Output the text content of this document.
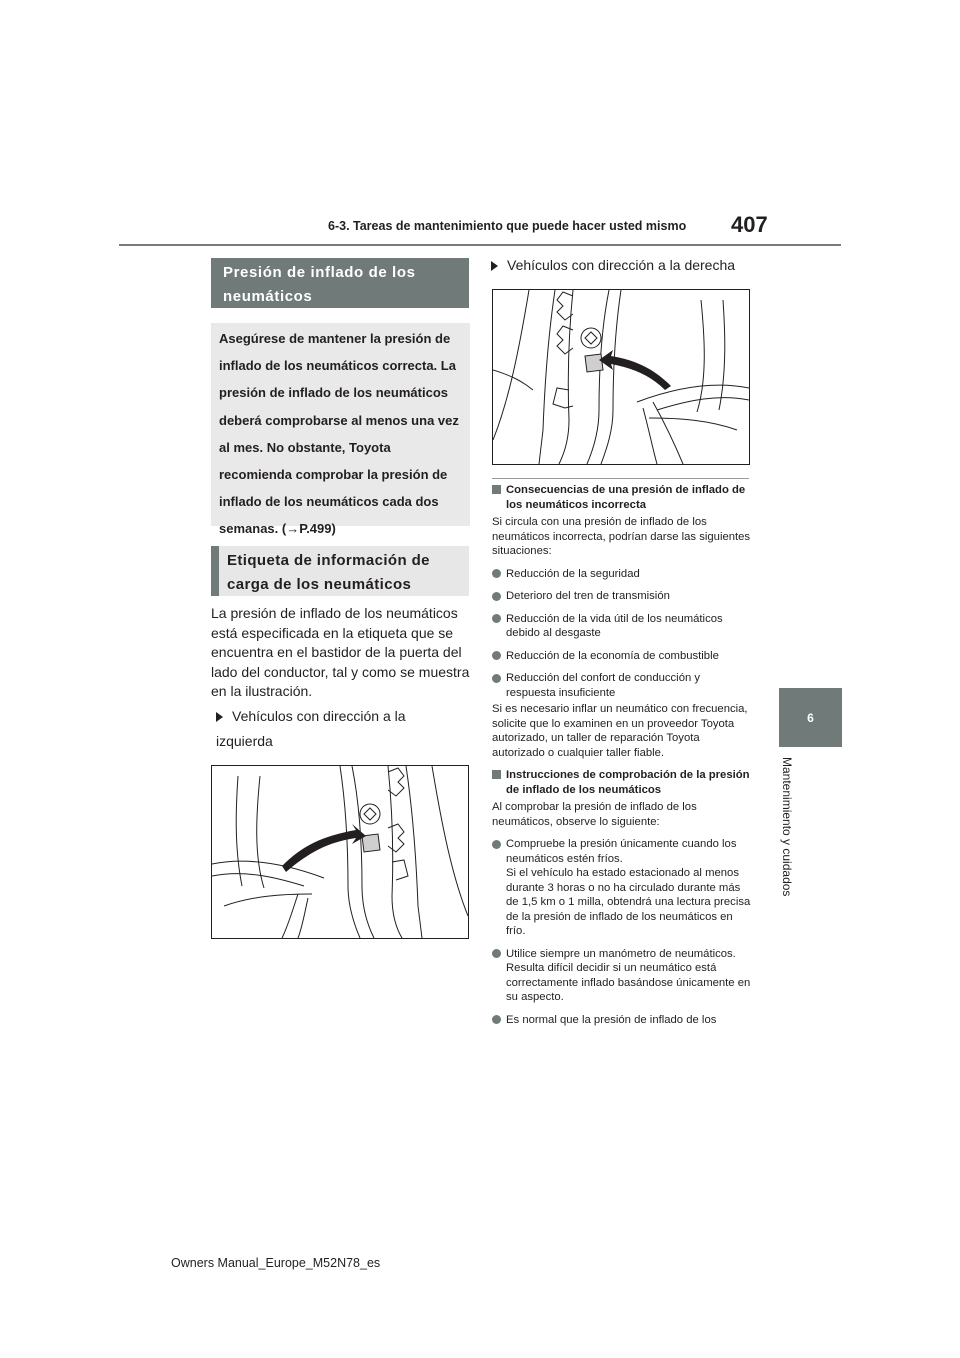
6-3. Tareas de mantenimiento que puede hacer usted mismo 407
6
Mantenimiento y cuidados
Presión de inflado de los neumáticos

Asegúrese de mantener la presión de inflado de los neumáticos correcta. La presión de inflado de los neumáticos deberá comprobarse al menos una vez al mes. No obstante, Toyota recomienda comprobar la presión de inflado de los neumáticos cada dos semanas. (→P.499)

Etiqueta de información de carga de los neumáticos

La presión de inflado de los neumáticos está especificada en la etiqueta que se encuentra en el bastidor de la puerta del lado del conductor, tal y como se muestra en la ilustración.

Vehículos con dirección a la izquierda
Vehículos con dirección a la derecha

Consecuencias de una presión de inflado de los neumáticos incorrecta

Si circula con una presión de inflado de los neumáticos incorrecta, podrían darse las siguientes situaciones:

Reducción de la seguridad

Deterioro del tren de transmisión

Reducción de la vida útil de los neumáticos debido al desgaste

Reducción de la economía de combustible

Reducción del confort de conducción y respuesta insuficiente

Si es necesario inflar un neumático con frecuencia, solicite que lo examinen en un proveedor Toyota autorizado, un taller de reparación Toyota autorizado o cualquier taller fiable.

Instrucciones de comprobación de la presión de inflado de los neumáticos

Al comprobar la presión de inflado de los neumáticos, observe lo siguiente:

Compruebe la presión únicamente cuando los neumáticos estén fríos.
Si el vehículo ha estado estacionado al menos durante 3 horas o no ha circulado durante más de 1,5 km o 1 milla, obtendrá una lectura precisa de la presión de inflado de los neumáticos en frío.
Utilice siempre un manómetro de neumáticos.
Resulta difícil decidir si un neumático está correctamente inflado basándose únicamente en su aspecto.

Es normal que la presión de inflado de los

Owners Manual_Europe_M52N78_es
